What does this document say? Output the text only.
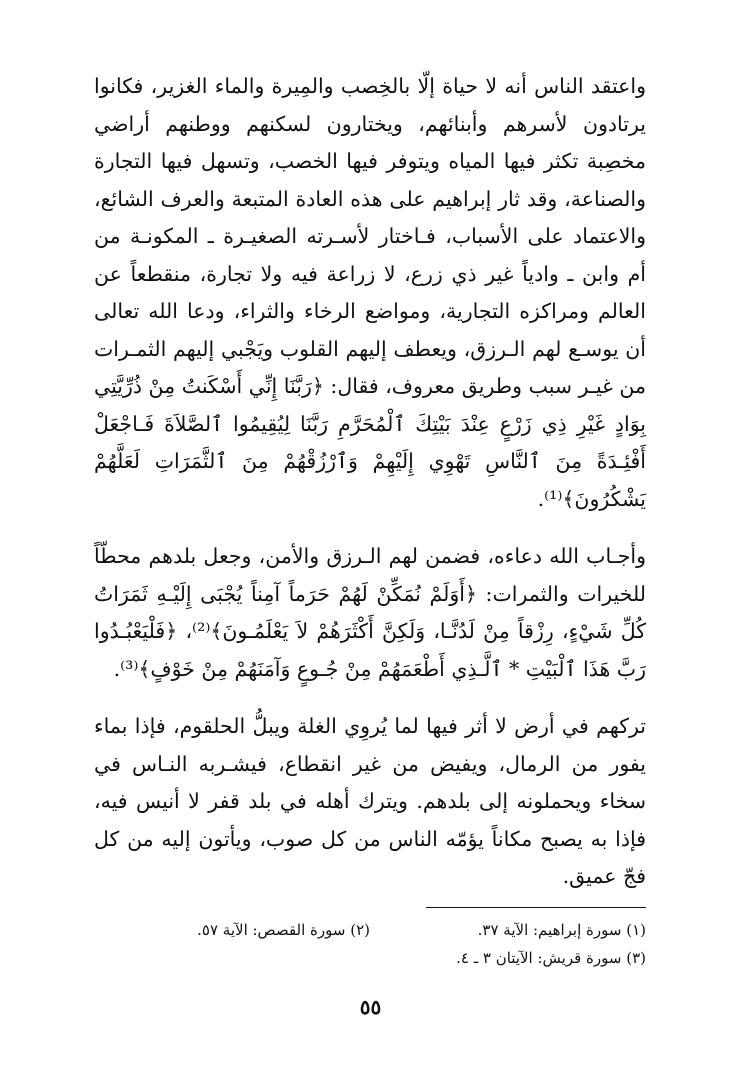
واعتقد الناس أنه لا حياة إلّا بالخِصب والمِيرة والماء الغزير، فكانوا يرتادون لأسرهم وأبنائهم، ويختارون لسكنهم ووطنهم أراضي مخصِبة تكثر فيها المياه ويتوفر فيها الخصب، وتسهل فيها التجارة والصناعة، وقد ثار إبراهيم على هذه العادة المتبعة والعرف الشائع، والاعتماد على الأسباب، فـاختار لأسـرته الصغيـرة ـ المكونـة من أم وابن ـ وادياً غير ذي زرع، لا زراعة فيه ولا تجارة، منقطعاً عن العالم ومراكزه التجارية، ومواضع الرخاء والثراء، ودعا الله تعالى أن يوسـع لهم الـرزق، ويعطف إليهم القلوب ويَجْبي إليهم الثمـرات من غيـر سبب وطريق معروف، فقال: ﴿رَبَّنَا إِنِّي أَسْكَنتُ مِنْ ذُرِّيَّتِي بِوَادٍ غَيْرِ ذِي زَرْعٍ عِنْدَ بَيْتِكَ ٱلْمُحَرَّمِ رَبَّنَا لِيُقِيمُوا ٱلصَّلاَةَ فَـاجْعَلْ أَفْئِـدَةً مِنَ ٱلنَّاسِ تَهْوِي إِلَيْهِمْ وَٱرْزُقْهُمْ مِنَ ٱلثَّمَرَاتِ لَعَلَّهُمْ يَشْكُرُونَ﴾⁽¹⁾.

وأجـاب الله دعاءه، فضمن لهم الـرزق والأمن، وجعل بلدهم محطّاً للخيرات والثمرات: ﴿أَوَلَمْ نُمَكِّنْ لَهُمْ حَرَماً آمِناً يُجْبَى إِلَيْـهِ ثَمَرَاتُ كُلِّ شَيْءٍ، رِزْقاً مِنْ لَدُنَّـا، وَلَكِنَّ أَكْثَرَهُمْ لاَ يَعْلَمُـونَ﴾⁽²⁾، ﴿فَلْيَعْبُـدُوا رَبَّ هَذَا ٱلْبَيْتِ * ٱلَّـذِي أَطْعَمَهُمْ مِنْ جُـوعٍ وَآمَنَهُمْ مِنْ خَوْفٍ﴾⁽³⁾.

تركهم في أرض لا أثر فيها لما يُروِي الغلة ويبلُّ الحلقوم، فإذا بماء يفور من الرمال، ويفيض من غير انقطاع، فيشـربه النـاس في سخاء ويحملونه إلى بلدهم. ويترك أهله في بلد قفر لا أنيس فيه، فإذا به يصبح مكاناً يؤمّه الناس من كل صوب، ويأتون إليه من كل فجّ عميق.

(١) سورة إبراهيم: الآية ٣٧.
(٢) سورة القصص: الآية ٥٧.
(٣) سورة قريش: الآيتان ٣ ـ ٤.
٥٥
